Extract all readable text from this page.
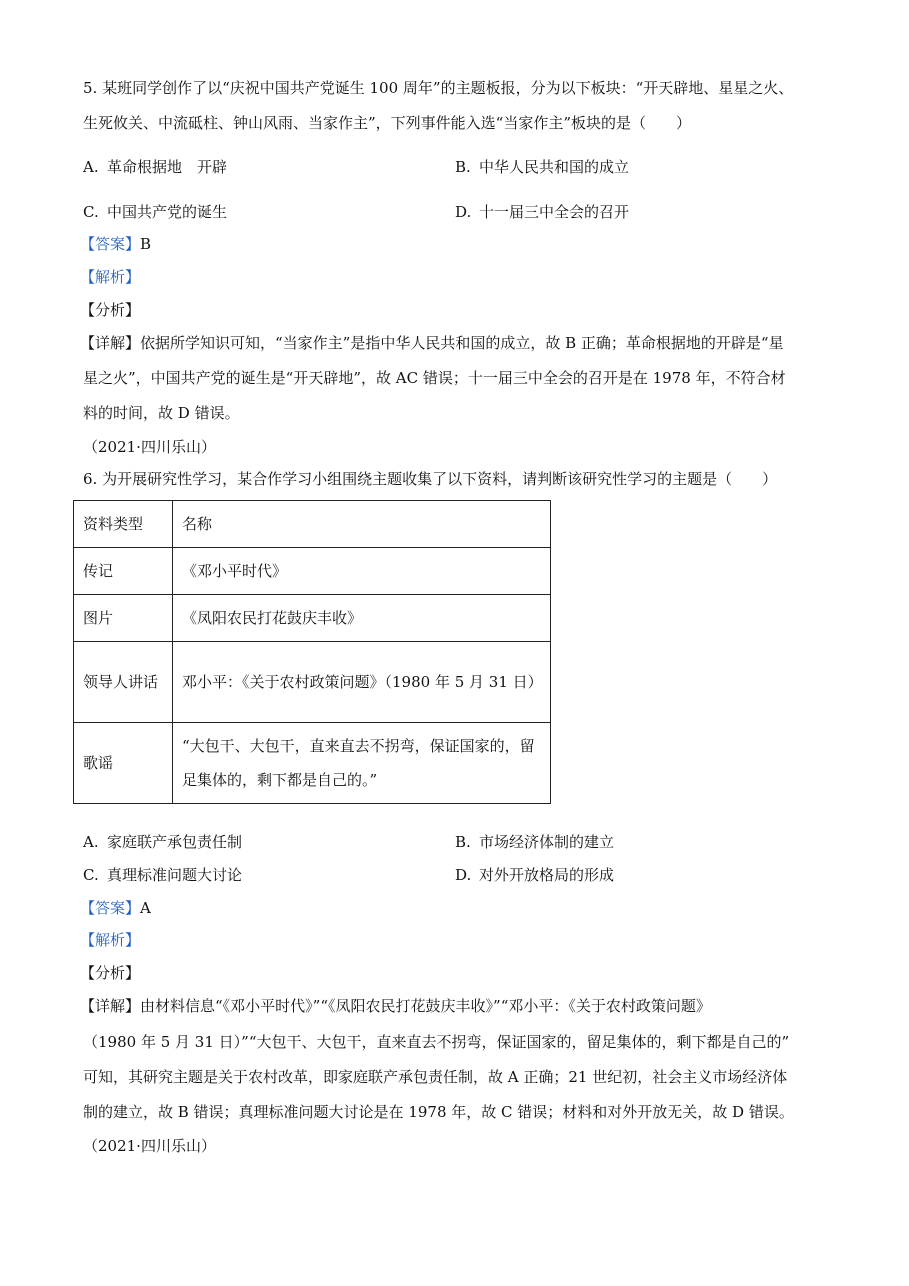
5. 某班同学创作了以“庆祝中国共产党诞生 100 周年”的主题板报，分为以下板块：“开天辟地、星星之火、
生死攸关、中流砥柱、钟山风雨、当家作主”，下列事件能入选“当家作主”板块的是（　　）
A. 革命根据地　开辟	B. 中华人民共和国的成立
C. 中国共产党的诞生	D. 十一届三中全会的召开
【答案】B
【解析】
【分析】
【详解】依据所学知识可知，“当家作主”是指中华人民共和国的成立，故 B 正确；革命根据地的开辟是“星
星之火”，中国共产党的诞生是“开天辟地”，故 AC 错误；十一届三中全会的召开是在 1978 年，不符合材
料的时间，故 D 错误。
（2021·四川乐山）
6. 为开展研究性学习，某合作学习小组围绕主题收集了以下资料，请判断该研究性学习的主题是（　　）
资料类型	名称
传记	《邓小平时代》
图片	《凤阳农民打花鼓庆丰收》
领导人讲话	邓小平：《关于农村政策问题》（1980 年 5 月 31 日）
歌谣	“大包干、大包干，直来直去不拐弯，保证国家的，留足集体的，剩下都是自己的。”
A. 家庭联产承包责任制	B. 市场经济体制的建立
C. 真理标准问题大讨论	D. 对外开放格局的形成
【答案】A
【解析】
【分析】
【详解】由材料信息“《邓小平时代》”“《凤阳农民打花鼓庆丰收》”“邓小平：《关于农村政策问题》
（1980 年 5 月 31 日）”“大包干、大包干，直来直去不拐弯，保证国家的，留足集体的，剩下都是自己的”
可知，其研究主题是关于农村改革，即家庭联产承包责任制，故 A 正确；21 世纪初，社会主义市场经济体
制的建立，故 B 错误；真理标准问题大讨论是在 1978 年，故 C 错误；材料和对外开放无关，故 D 错误。
（2021·四川乐山）
